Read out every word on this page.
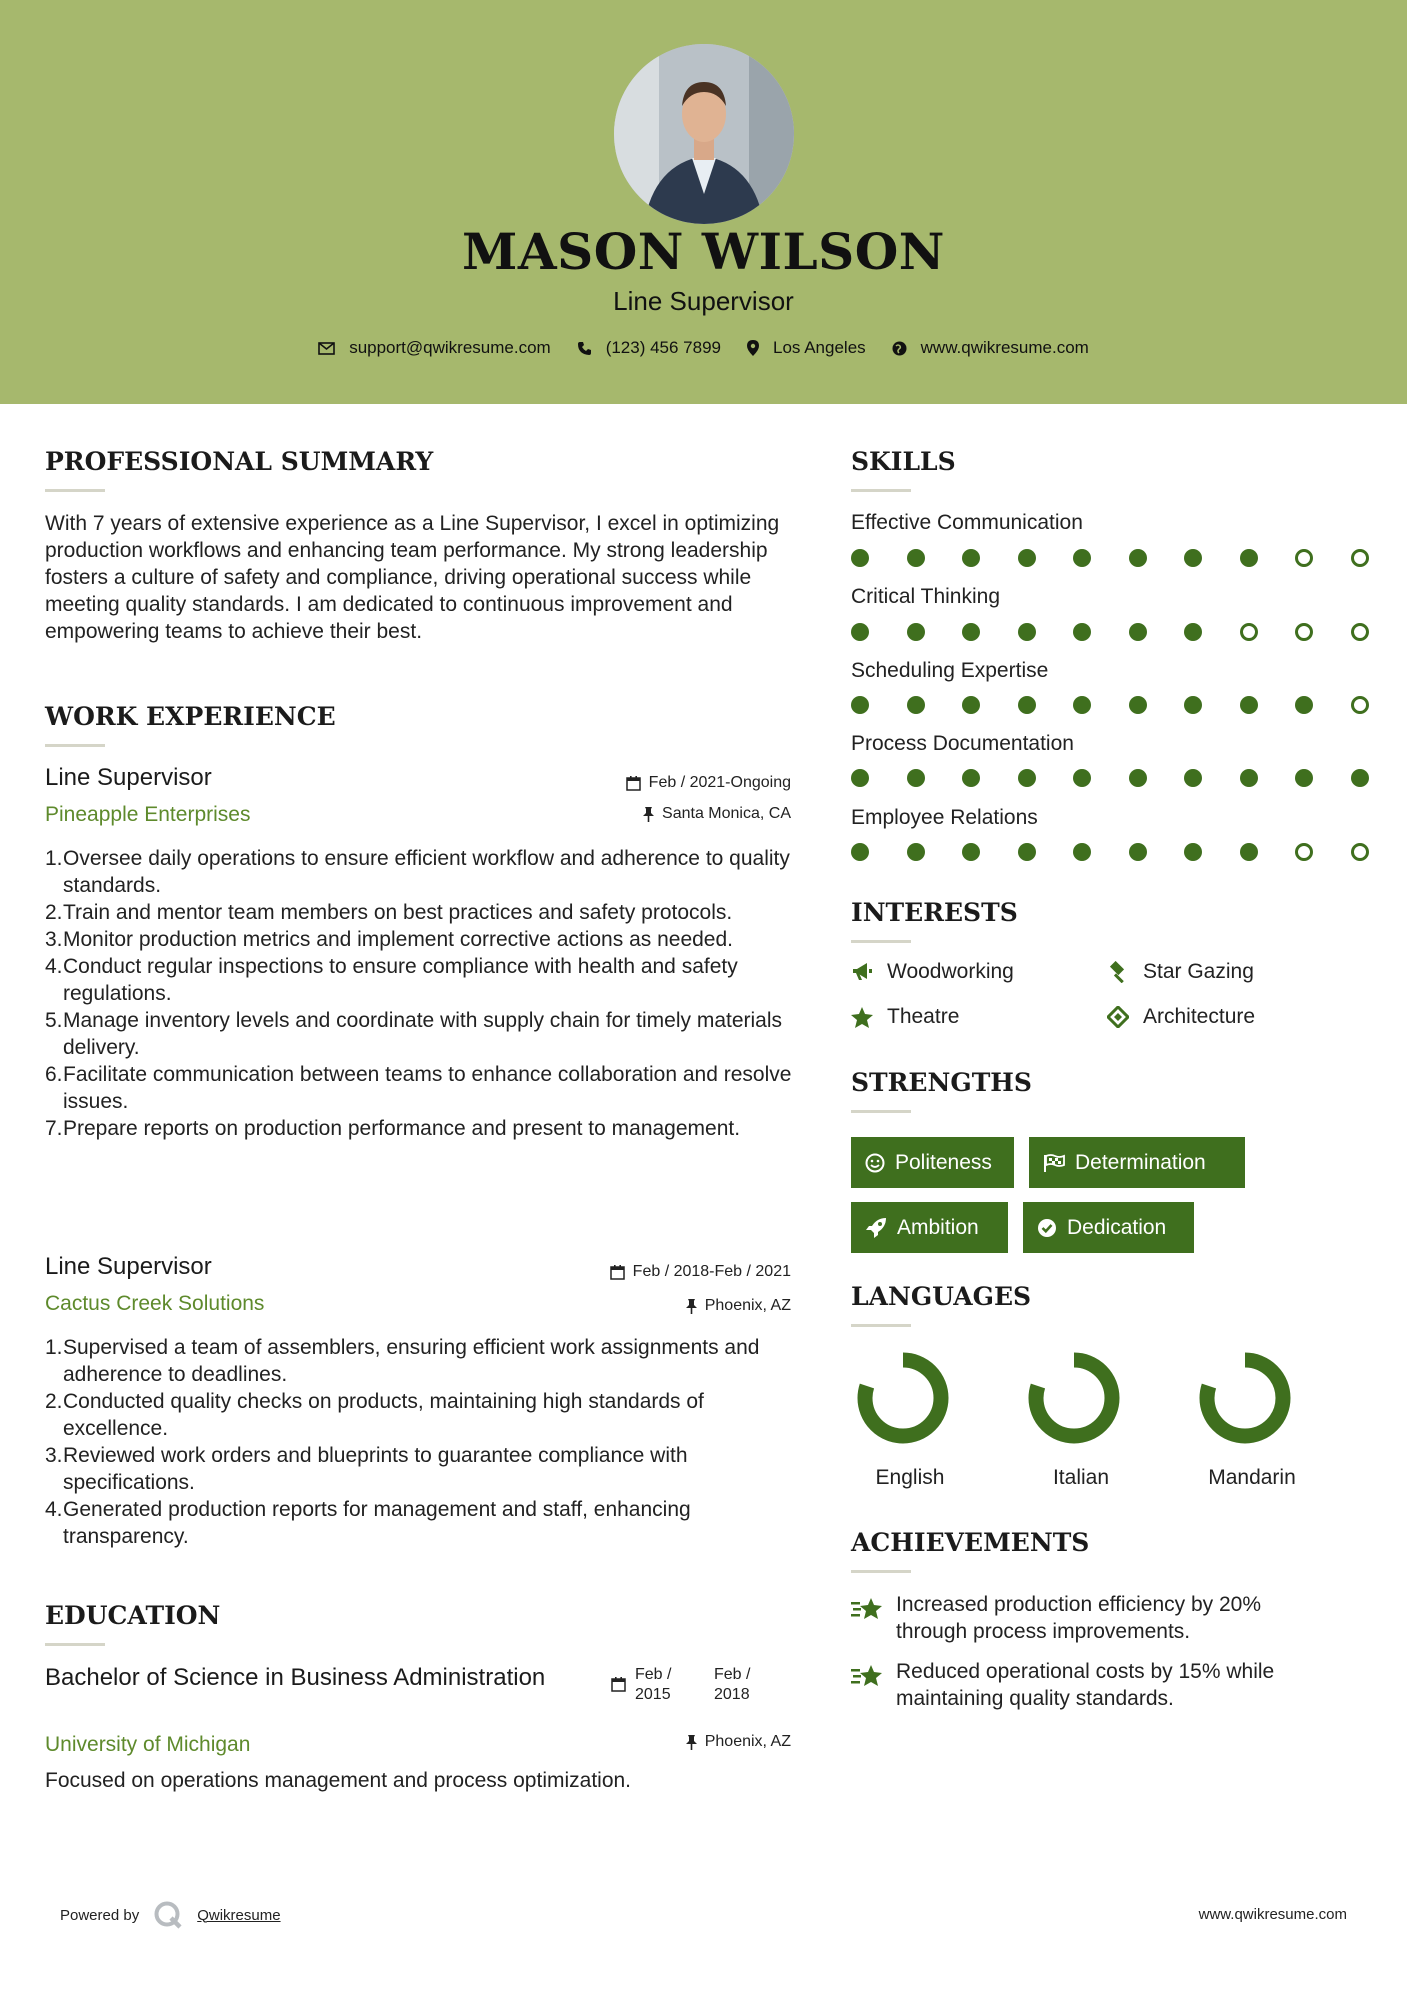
MASON WILSON
Line Supervisor
support@qwikresume.com	(123) 456 7899	Los Angeles	www.qwikresume.com
PROFESSIONAL SUMMARY
With 7 years of extensive experience as a Line Supervisor, I excel in optimizing production workflows and enhancing team performance. My strong leadership fosters a culture of safety and compliance, driving operational success while meeting quality standards. I am dedicated to continuous improvement and empowering teams to achieve their best.
WORK EXPERIENCE
Line Supervisor
Pineapple Enterprises
Feb / 2021-Ongoing
Santa Monica, CA
1. Oversee daily operations to ensure efficient workflow and adherence to quality standards.
2. Train and mentor team members on best practices and safety protocols.
3. Monitor production metrics and implement corrective actions as needed.
4. Conduct regular inspections to ensure compliance with health and safety regulations.
5. Manage inventory levels and coordinate with supply chain for timely materials delivery.
6. Facilitate communication between teams to enhance collaboration and resolve issues.
7. Prepare reports on production performance and present to management.
Line Supervisor
Cactus Creek Solutions
Feb / 2018-Feb / 2021
Phoenix, AZ
1. Supervised a team of assemblers, ensuring efficient work assignments and adherence to deadlines.
2. Conducted quality checks on products, maintaining high standards of excellence.
3. Reviewed work orders and blueprints to guarantee compliance with specifications.
4. Generated production reports for management and staff, enhancing transparency.
EDUCATION
Bachelor of Science in Business Administration
University of Michigan
Feb /
2015
Feb /
2018
Phoenix, AZ
Focused on operations management and process optimization.
SKILLS
Effective Communication
Critical Thinking
Scheduling Expertise
Process Documentation
Employee Relations
INTERESTS
Woodworking	Star Gazing
Theatre	Architecture
STRENGTHS
Politeness	Determination
Ambition	Dedication
LANGUAGES
English	Italian	Mandarin
ACHIEVEMENTS
Increased production efficiency by 20% through process improvements.
Reduced operational costs by 15% while maintaining quality standards.
Powered by	Qwikresume	www.qwikresume.com
